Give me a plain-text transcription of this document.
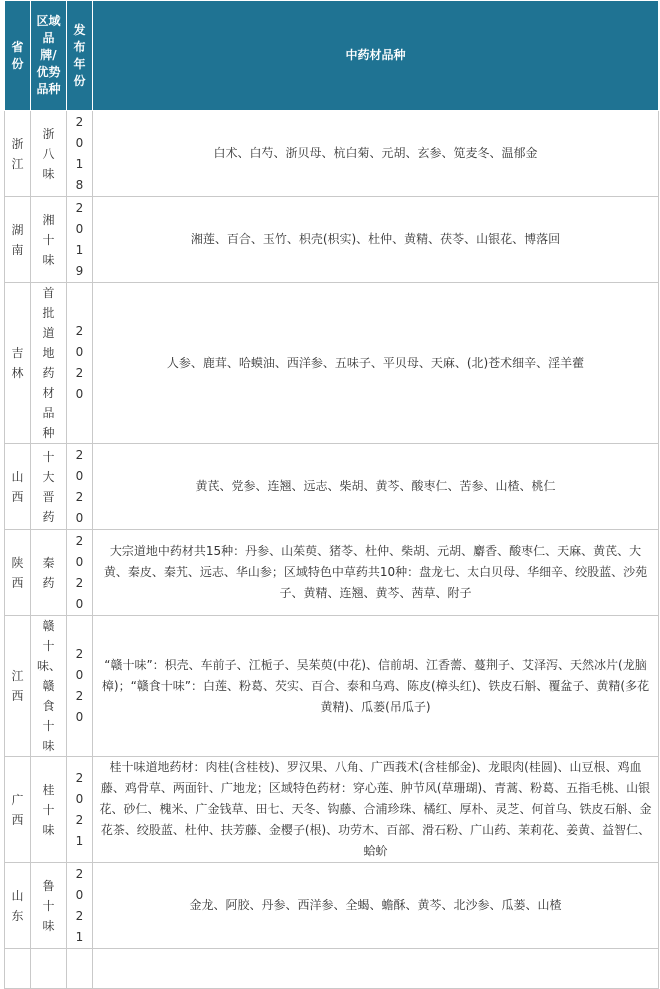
省份	区域品牌/优势品种	发布年份	中药材品种
浙江	浙八味	2018	白术、白芍、浙贝母、杭白菊、元胡、玄参、笕麦冬、温郁金
湖南	湘十味	2019	湘莲、百合、玉竹、枳壳(枳实)、杜仲、黄精、茯苓、山银花、博落回
吉林	首批道地药材品种	2020	人参、鹿茸、哈蟆油、西洋参、五味子、平贝母、天麻、(北)苍术细辛、淫羊藿
山西	十大晋药	2020	黄芪、党参、连翘、远志、柴胡、黄芩、酸枣仁、苦参、山楂、桃仁
陕西	秦药	2020	大宗道地中药材共15种：丹参、山茱萸、猪苓、杜仲、柴胡、元胡、麝香、酸枣仁、天麻、黄芪、大黄、秦皮、秦艽、远志、华山参；区域特色中草药共10种：盘龙七、太白贝母、华细辛、绞股蓝、沙苑子、黄精、连翘、黄芩、茜草、附子
江西	赣十味、赣食十味	2020	“赣十味”：枳壳、车前子、江栀子、吴茱萸(中花)、信前胡、江香薷、蔓荆子、艾泽泻、天然冰片(龙脑樟)；“赣食十味”：白莲、粉葛、芡实、百合、泰和乌鸡、陈皮(樟头红)、铁皮石斛、覆盆子、黄精(多花黄精)、瓜蒌(吊瓜子)
广西	桂十味	2021	桂十味道地药材：肉桂(含桂枝)、罗汉果、八角、广西莪术(含桂郁金)、龙眼肉(桂圆)、山豆根、鸡血藤、鸡骨草、两面针、广地龙；区域特色药材：穿心莲、肿节风(草珊瑚)、青蒿、粉葛、五指毛桃、山银花、砂仁、槐米、广金钱草、田七、天冬、钩藤、合浦珍珠、橘红、厚朴、灵芝、何首乌、铁皮石斛、金花茶、绞股蓝、杜仲、扶芳藤、金樱子(根)、功劳木、百部、滑石粉、广山药、茉莉花、姜黄、益智仁、蛤蚧
山东	鲁十味	2021	金龙、阿胶、丹参、西洋参、全蝎、蟾酥、黄芩、北沙参、瓜蒌、山楂
